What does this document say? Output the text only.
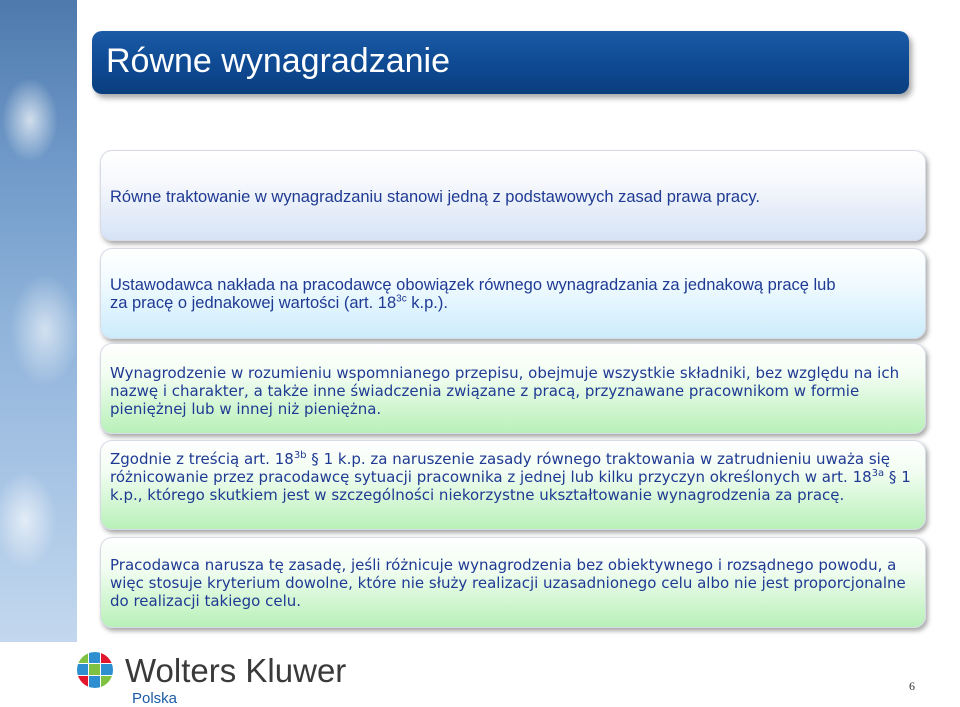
Równe wynagradzanie
Równe traktowanie w wynagradzaniu stanowi jedną z podstawowych zasad prawa pracy.
Ustawodawca nakłada na pracodawcę obowiązek równego wynagradzania za jednakową pracę lub
za pracę o jednakowej wartości (art. $18^{3c}$ k.p.).
Wynagrodzenie w rozumieniu wspomnianego przepisu, obejmuje wszystkie składniki, bez względu na ich nazwę i charakter, a także inne świadczenia związane z pracą, przyznawane pracownikom w formie pieniężnej lub w innej niż pieniężna.
Zgodnie z treścią art. $18^{3b}$ § 1 k.p. za naruszenie zasady równego traktowania w zatrudnieniu uważa się różnicowanie przez pracodawcę sytuacji pracownika z jednej lub kilku przyczyn określonych w art. $18^{3a}$ § 1 k.p., którego skutkiem jest w szczególności niekorzystne ukształtowanie wynagrodzenia za pracę.
Pracodawca narusza tę zasadę, jeśli różnicuje wynagrodzenia bez obiektywnego i rozsądnego powodu, a więc stosuje kryterium dowolne, które nie służy realizacji uzasadnionego celu albo nie jest proporcjonalne do realizacji takiego celu.
Wolters Kluwer
Polska
6
